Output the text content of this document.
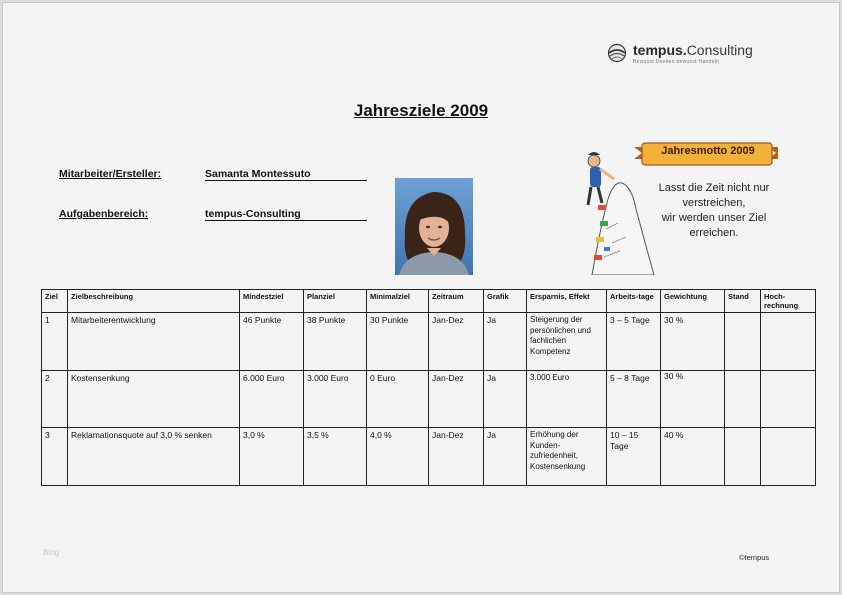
tempus.Consulting
Bewusst Denken bewusst Handeln
Jahresziele 2009
Mitarbeiter/Ersteller:	Samanta Montessuto
Aufgabenbereich:	tempus-Consulting
Jahresmotto 2009
Lasst die Zeit nicht nur
verstreichen,
wir werden unser Ziel
erreichen.
Ziel	Zielbeschreibung	Mindestziel	Planziel	Minimalziel	Zeitraum	Grafik	Ersparnis, Effekt	Arbeits-tage	Gewichtung	Stand	Hoch-rechnung
1	Mitarbeiterentwicklung	46 Punkte	38 Punkte	30 Punkte	Jan-Dez	Ja	Steigerung der persönlichen und fachlichen Kompetenz	3 – 5 Tage	30 %		
2	Kostensenkung	6.000 Euro	3.000 Euro	0 Euro	Jan-Dez	Ja	3.000 Euro	5 – 8 Tage	30 %		
3	Reklamationsquote auf 3,0 % senken	3,0 %	3,5 %	4,0 %	Jan-Dez	Ja	Erhöhung der Kunden-zufriedenheit, Kostensenkung	10 – 15 Tage	40 %		
Blog
©tempus
